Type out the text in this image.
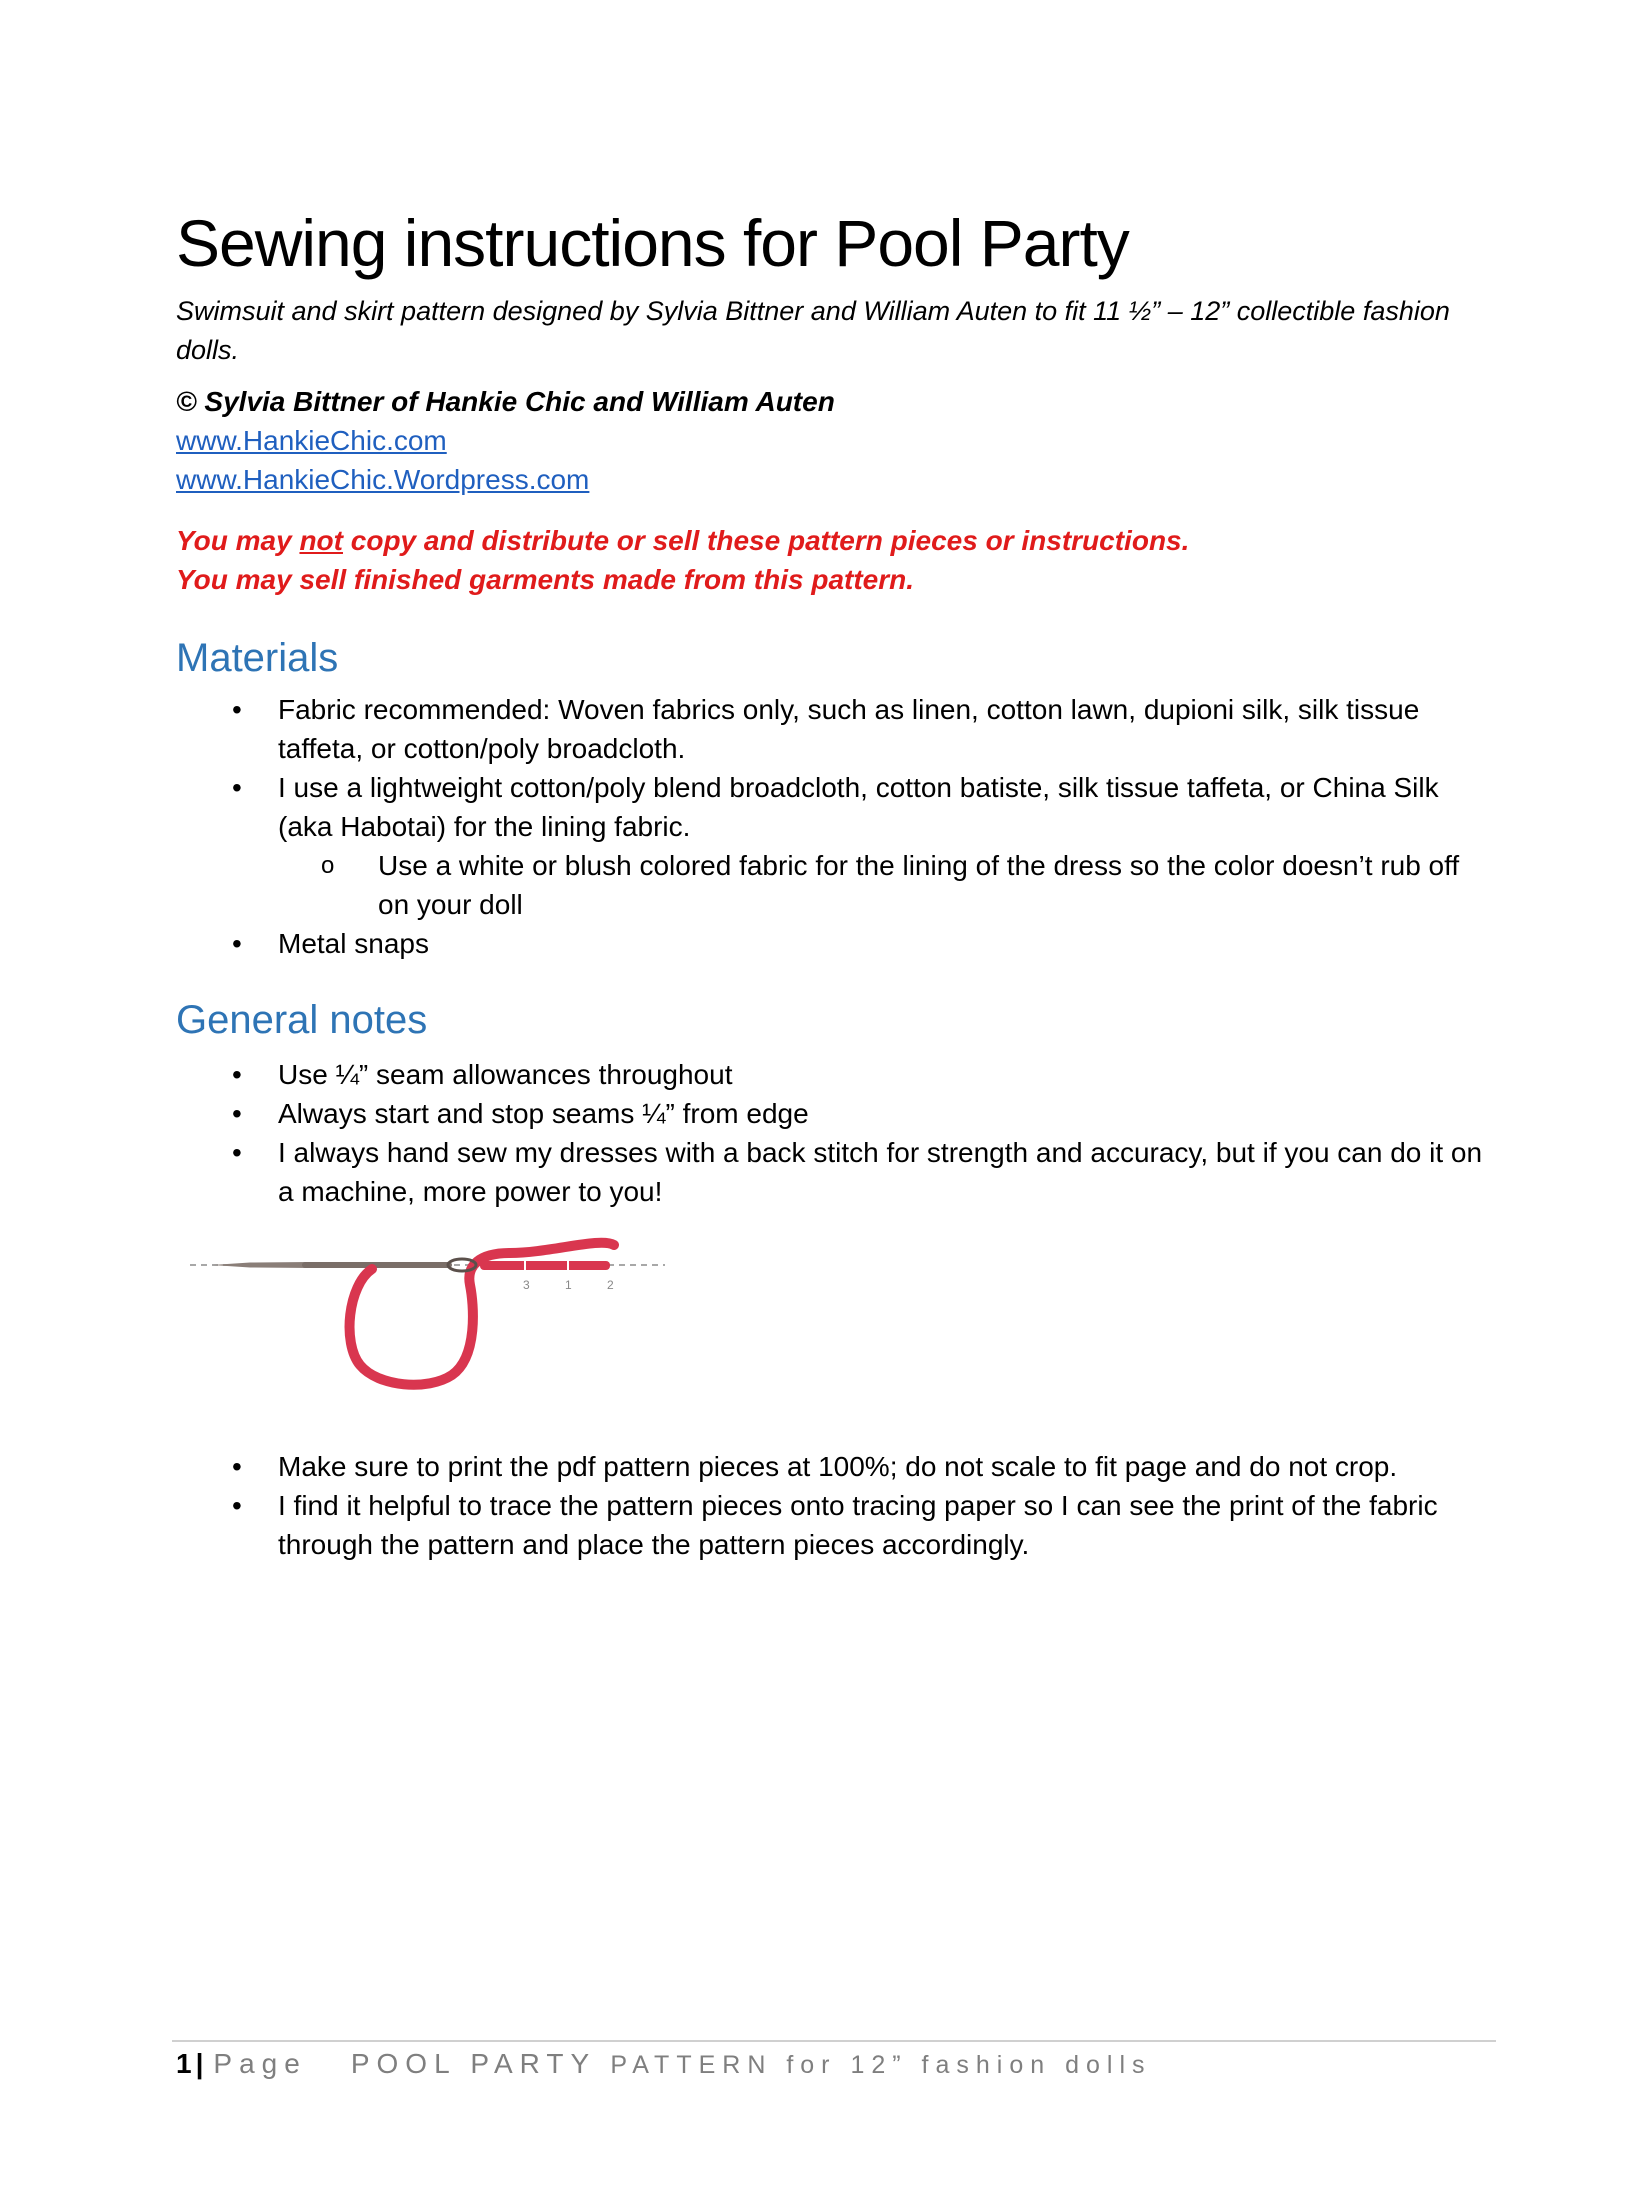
Sewing instructions for Pool Party
Swimsuit and skirt pattern designed by Sylvia Bittner and William Auten to fit 11 ½” – 12” collectible fashion dolls.
© Sylvia Bittner of Hankie Chic and William Auten
www.HankieChic.com
www.HankieChic.Wordpress.com
You may not copy and distribute or sell these pattern pieces or instructions.
You may sell finished garments made from this pattern.
Materials
• Fabric recommended: Woven fabrics only, such as linen, cotton lawn, dupioni silk, silk tissue taffeta, or cotton/poly broadcloth.
• I use a lightweight cotton/poly blend broadcloth, cotton batiste, silk tissue taffeta, or China Silk (aka Habotai) for the lining fabric.
o Use a white or blush colored fabric for the lining of the dress so the color doesn’t rub off on your doll
• Metal snaps
General notes
• Use ¼” seam allowances throughout
• Always start and stop seams ¼” from edge
• I always hand sew my dresses with a back stitch for strength and accuracy, but if you can do it on a machine, more power to you!
3	1	2
• Make sure to print the pdf pattern pieces at 100%; do not scale to fit page and do not crop.
• I find it helpful to trace the pattern pieces onto tracing paper so I can see the print of the fabric through the pattern and place the pattern pieces accordingly.
1 | Page POOL PARTY PATTERN for 12” fashion dolls
